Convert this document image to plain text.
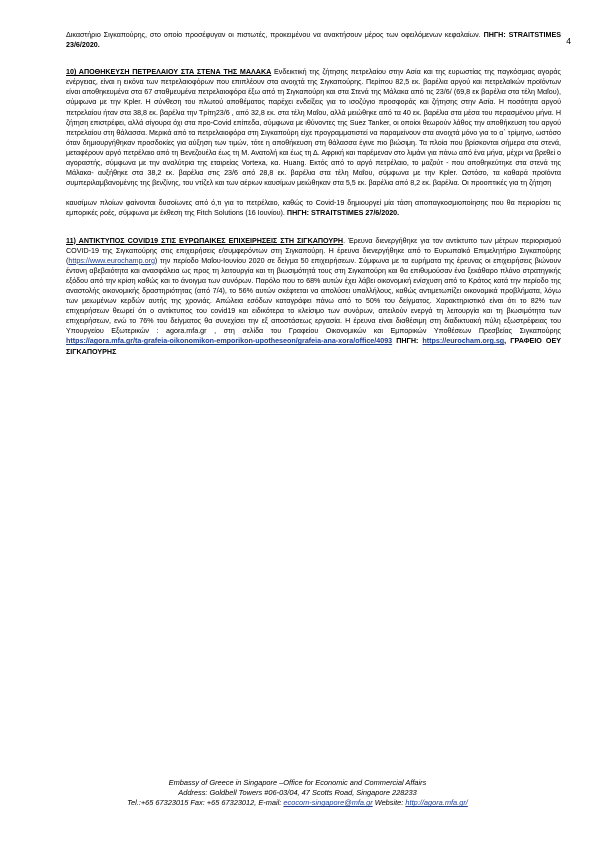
4

Δικαστήριο Σιγκαπούρης, στο οποίο προσέφυγαν οι πιστωτές, προκειμένου να ανακτήσουν μέρος των οφειλόμενων κεφαλαίων. ΠΗΓΗ: STRAITSTIMES 23/6/2020.

10) ΑΠΟΘΗΚΕΥΣΗ ΠΕΤΡΕΛΑΙΟΥ ΣΤΑ ΣΤΕΝΑ ΤΗΣ ΜΑΛΑΚΑ Ενδεικτική της ζήτησης πετρελαίου στην Ασία και της ευρωστίας της παγκόσμιας αγοράς ενέργειας, είναι η εικόνα των πετρελαιοφόρων που επιπλέουν στα ανοιχτά της Σιγκαπούρης. Περίπου 82,5 εκ. βαρέλια αργού και πετρελαϊκών προϊόντων είναι αποθηκευμένα στα 67 σταθμευμένα πετρελαιοφόρα έξω από τη Σιγκαπούρη και στα Στενά της Μάλακα από τις 23/6/ (69,8 εκ βαρέλια στα τέλη Μαΐου), σύμφωνα με την Kpler. Η σύνθεση του πλωτού αποθέματος παρέχει ενδείξεις για το ισοζύγιο προσφοράς και ζήτησης στην Ασία. Η ποσότητα αργού πετρελαίου ήταν στα 38,8 εκ. βαρέλια την Τρίτη23/6 , από 32,8 εκ. στα τέλη Μαΐου, αλλά μειώθηκε από τα 40 εκ. βαρέλια στα μέσα του περασμένου μήνα. Η ζήτηση επιστρέφει, αλλά σίγουρα όχι στα προ-Covid επίπεδα, σύμφωνα με ιθύνοντες της Suez Tanker, οι οποίοι θεωρούν λάθος την αποθήκευση του αργού πετρελαίου στη θάλασσα. Μερικά από τα πετρελαιοφόρα στη Σιγκαπούρη είχε προγραμματιστεί να παραμείνουν στα ανοιχτά μόνο για το α΄ τρίμηνο, ωστόσο όταν δημιουργήθηκαν προσδοκίες για αύξηση των τιμών, τότε η αποθήκευση στη θάλασσα έγινε πιο βιώσιμη. Τα πλοία που βρίσκονται σήμερα στα στενά, μεταφέρουν αργό πετρέλαιο από τη Βενεζουέλα έως τη Μ. Ανατολή και έως τη Δ. Αφρική και παρέμεναν στο λιμάνι για πάνω από ένα μήνα, μέχρι να βρεθεί ο αγοραστής, σύμφωνα με την αναλύτρια της εταιρείας Vortexa, κα. Huang. Εκτός από το αργό πετρέλαιο, το μαζούτ - που αποθηκεύτηκε στα στενά της Μάλακα- αυξήθηκε στα 38,2 εκ. βαρέλια στις 23/6 από 28,8 εκ. βαρέλια στα τέλη Μαΐου, σύμφωνα με την Kpler. Ωστόσο, τα καθαρά προϊόντα συμπεριλαμβανομένης της βενζίνης, του ντίζελ και των αέριων καυσίμων μειώθηκαν στα 5,5 εκ. βαρέλια από 8,2 εκ. βαρέλια. Οι προοπτικές για τη ζήτηση

καυσίμων πλοίων φαίνονται δυσοίωνες από ό,τι για το πετρέλαιο, καθώς το Covid-19 δημιουργεί μία τάση αποπαγκοσμιοποίησης που θα περιορίσει τις εμπορικές ροές, σύμφωνα με έκθεση της Fitch Solutions (16 Ιουνίου). ΠΗΓΗ: STRAITSTIMES 27/6/2020.

11) ΑΝΤΙΚΤΥΠΟΣ COVID19 ΣΤΙΣ ΕΥΡΩΠΑΙΚΕΣ ΕΠΙΧΕΙΡΗΣΕΙΣ ΣΤΗ ΣΙΓΚΑΠΟΥΡΗ. Έρευνα διενεργήθηκε για τον αντίκτυπο των μέτρων περιορισμού COVID-19 της Σιγκαπούρης στις επιχειρήσεις ε/συμφερόντων στη Σιγκαπούρη. Η έρευνα διενεργήθηκε από το Ευρωπαϊκό Επιμελητήριο Σιγκαπούρης (https://www.eurochamp.org) την περίοδο Μαΐου-Ιουνίου 2020 σε δείγμα 50 επιχειρήσεων. Σύμφωνα με τα ευρήματα της έρευνας οι επιχειρήσεις βιώνουν έντονη αβεβαιότητα και ανασφάλεια ως προς τη λειτουργία και τη βιωσιμότητά τους στη Σιγκαπούρη και θα επιθυμούσαν ένα ξεκάθαρο πλάνο στρατηγικής εξόδου από την κρίση καθώς και το άνοιγμα των συνόρων. Παρόλο που το 68% αυτών έχει λάβει οικονομική ενίσχυση από το Κράτος κατά την περίοδο της αναστολής οικονομικής δραστηριότητας (από 7/4), το 56% αυτών σκέφτεται να απολύσει υπαλλήλους, καθώς αντιμετωπίζει οικονομικά προβλήματα, λόγω των μειωμένων κερδών αυτής της χρονιάς. Απώλεια εσόδων καταγράφει πάνω από το 50% του δείγματος. Χαρακτηριστικό είναι ότι το 82% των επιχειρήσεων θεωρεί ότι ο αντίκτυπος του covid19 και ειδικότερα το κλείσιμο των συνόρων, απειλούν ενεργά τη λειτουργία και τη βιωσιμότητα των επιχειρήσεων, ενώ το 76% του δείγματος θα συνεχίσει την εξ αποστάσεως εργασία. Η έρευνα είναι διαθέσιμη στη διαδικτυακή πύλη εξωστρέφειας του Υπουργείου Εξωτερικών : agora.mfa.gr , στη σελίδα του Γραφείου Οικονομικών και Εμπορικών Υποθέσεων Πρεσβείας Σιγκαπούρης https://agora.mfa.gr/ta-grafeia-oikonomikon-emporikon-upotheseon/grafeia-ana-xora/office/4093 ΠΗΓΗ: https://eurocham.org.sg, ΓΡΑΦΕΙΟ ΟΕΥ ΣΙΓΚΑΠΟΥΡΗΣ

Embassy of Greece in Singapore –Office for Economic and Commercial Affairs
Address: Goldbell Towers #06-03/04, 47 Scotts Road, Singapore 228233
Tel.:+65 67323015 Fax: +65 67323012, E-mail: ecocom-singapore@mfa.gr Website: http://agora.mfa.gr/
